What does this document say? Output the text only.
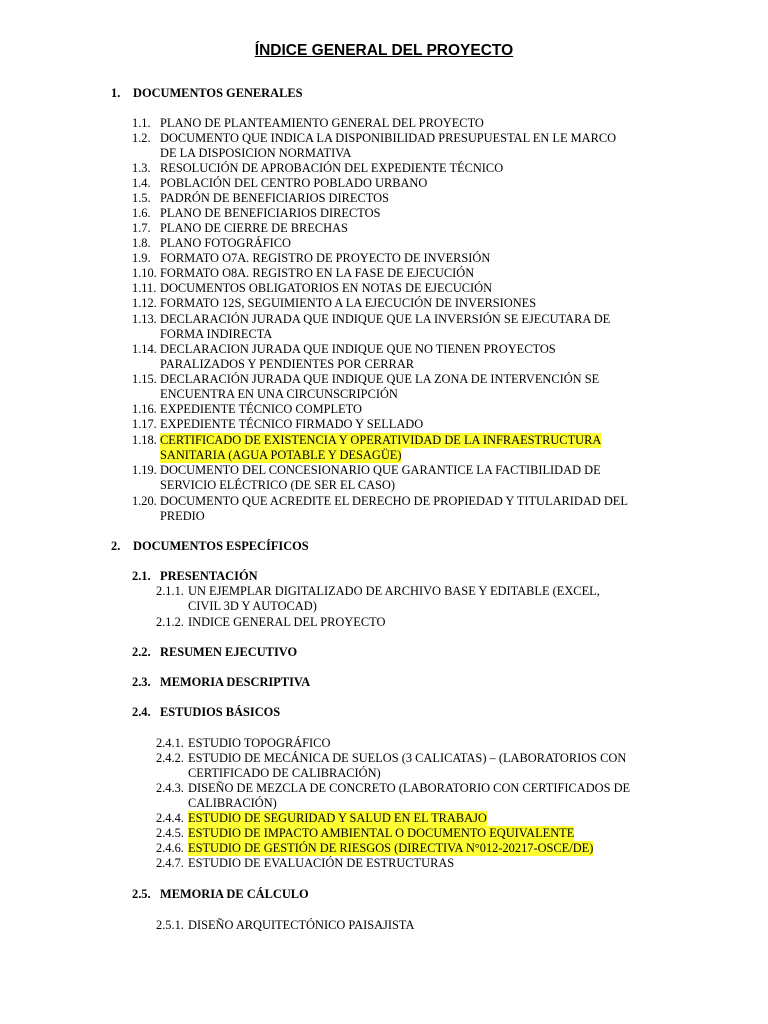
ÍNDICE GENERAL DEL PROYECTO
1. DOCUMENTOS GENERALES
1.1. PLANO DE PLANTEAMIENTO GENERAL DEL PROYECTO
1.2. DOCUMENTO QUE INDICA LA DISPONIBILIDAD PRESUPUESTAL EN LE MARCO
DE LA DISPOSICION NORMATIVA
1.3. RESOLUCIÓN DE APROBACIÓN DEL EXPEDIENTE TÉCNICO
1.4. POBLACIÓN DEL CENTRO POBLADO URBANO
1.5. PADRÓN DE BENEFICIARIOS DIRECTOS
1.6. PLANO DE BENEFICIARIOS DIRECTOS
1.7. PLANO DE CIERRE DE BRECHAS
1.8. PLANO FOTOGRÁFICO
1.9. FORMATO O7A. REGISTRO DE PROYECTO DE INVERSIÓN
1.10. FORMATO O8A. REGISTRO EN LA FASE DE EJECUCIÓN
1.11. DOCUMENTOS OBLIGATORIOS EN NOTAS DE EJECUCIÓN
1.12. FORMATO 12S, SEGUIMIENTO A LA EJECUCIÓN DE INVERSIONES
1.13. DECLARACIÓN JURADA QUE INDIQUE QUE LA INVERSIÓN SE EJECUTARA DE
FORMA INDIRECTA
1.14. DECLARACION JURADA QUE INDIQUE QUE NO TIENEN PROYECTOS
PARALIZADOS Y PENDIENTES POR CERRAR
1.15. DECLARACIÓN JURADA QUE INDIQUE QUE LA ZONA DE INTERVENCIÓN SE
ENCUENTRA EN UNA CIRCUNSCRIPCIÓN
1.16. EXPEDIENTE TÉCNICO COMPLETO
1.17. EXPEDIENTE TÉCNICO FIRMADO Y SELLADO
1.18. CERTIFICADO DE EXISTENCIA Y OPERATIVIDAD DE LA INFRAESTRUCTURA
SANITARIA (AGUA POTABLE Y DESAGÜE)
1.19. DOCUMENTO DEL CONCESIONARIO QUE GARANTICE LA FACTIBILIDAD DE
SERVICIO ELÉCTRICO (DE SER EL CASO)
1.20. DOCUMENTO QUE ACREDITE EL DERECHO DE PROPIEDAD Y TITULARIDAD DEL
PREDIO
2. DOCUMENTOS ESPECÍFICOS
2.1. PRESENTACIÓN
2.1.1. UN EJEMPLAR DIGITALIZADO DE ARCHIVO BASE Y EDITABLE (EXCEL,
CIVIL 3D Y AUTOCAD)
2.1.2. INDICE GENERAL DEL PROYECTO
2.2. RESUMEN EJECUTIVO
2.3. MEMORIA DESCRIPTIVA
2.4. ESTUDIOS BÁSICOS
2.4.1. ESTUDIO TOPOGRÁFICO
2.4.2. ESTUDIO DE MECÁNICA DE SUELOS (3 CALICATAS) – (LABORATORIOS CON
CERTIFICADO DE CALIBRACIÓN)
2.4.3. DISEÑO DE MEZCLA DE CONCRETO (LABORATORIO CON CERTIFICADOS DE
CALIBRACIÓN)
2.4.4. ESTUDIO DE SEGURIDAD Y SALUD EN EL TRABAJO
2.4.5. ESTUDIO DE IMPACTO AMBIENTAL O DOCUMENTO EQUIVALENTE
2.4.6. ESTUDIO DE GESTIÓN DE RIESGOS (DIRECTIVA N°012-20217-OSCE/DE)
2.4.7. ESTUDIO DE EVALUACIÓN DE ESTRUCTURAS
2.5. MEMORIA DE CÁLCULO
2.5.1. DISEÑO ARQUITECTÓNICO PAISAJISTA
